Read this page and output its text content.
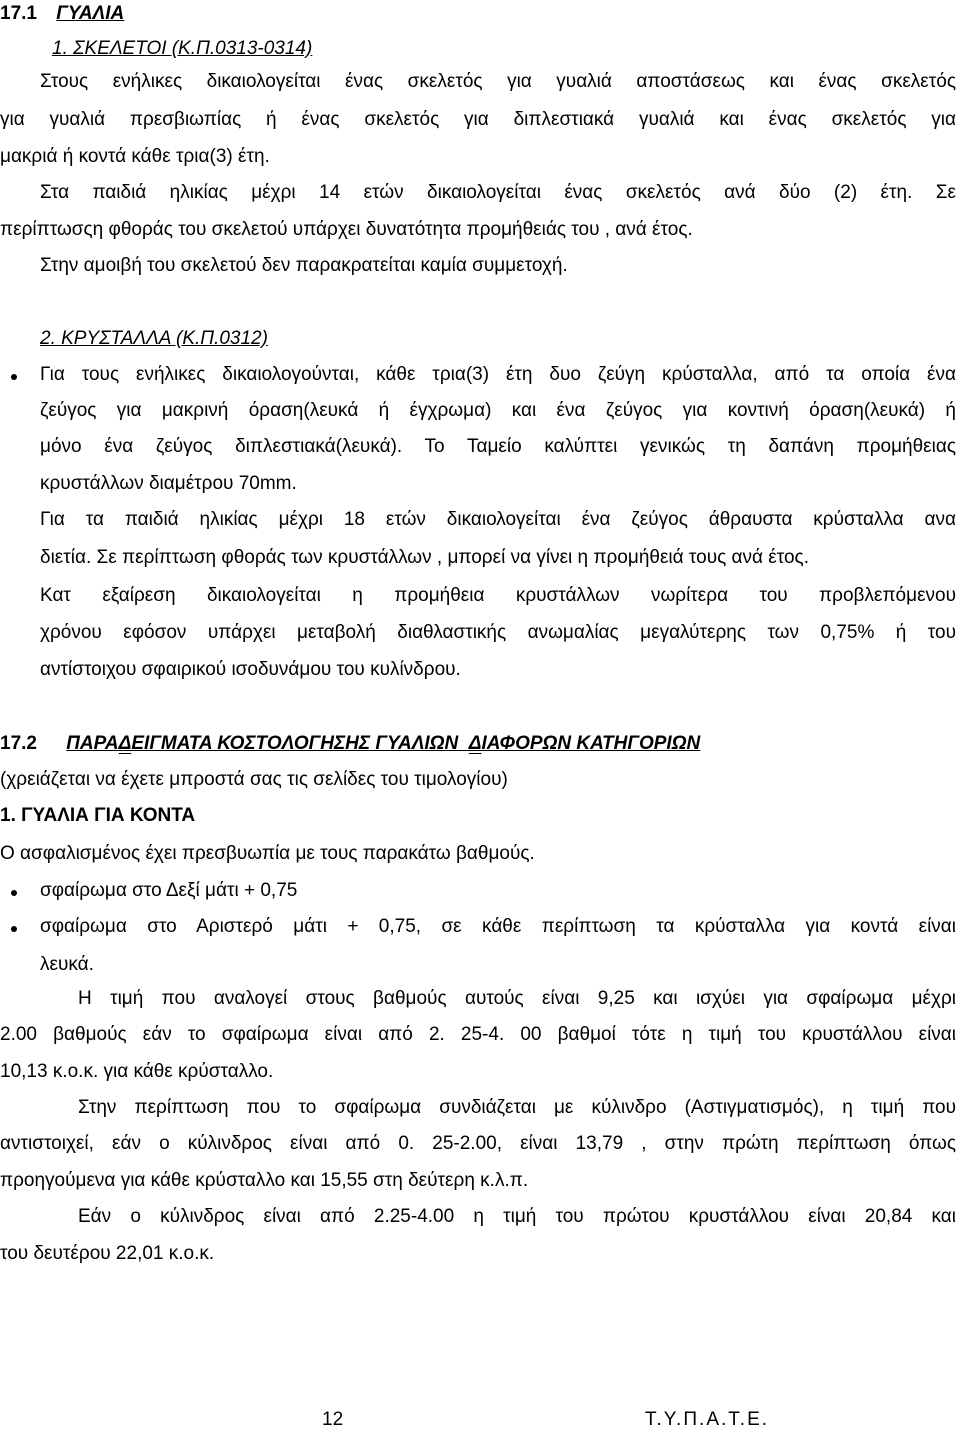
17.1 ΓΥΑΛΙΑ
1. ΣΚΕΛΕΤΟΙ (Κ.Π.0313-0314)
Στους ενήλικες δικαιολογείται ένας σκελετός για γυαλιά αποστάσεως και ένας σκελετός
για γυαλιά πρεσβιωπίας ή ένας σκελετός για διπλεστιακά γυαλιά και ένας σκελετός για
μακριά ή κοντά κάθε τρια(3) έτη.
Στα παιδιά ηλικίας μέχρι 14 ετών δικαιολογείται ένας σκελετός ανά δύο (2) έτη. Σε
περίπτωσςη φθοράς του σκελετού υπάρχει δυνατότητα προμήθειάς του , ανά έτος.
Στην αμοιβή του σκελετού δεν παρακρατείται καμία συμμετοχή.
2. ΚΡΥΣΤΑΛΛΑ (Κ.Π.0312)
Για τους ενήλικες δικαιολογούνται, κάθε τρια(3) έτη δυο ζεύγη κρύσταλλα, από τα οποία ένα
ζεύγος για μακρινή όραση(λευκά ή έγχρωμα) και ένα ζεύγος για κοντινή όραση(λευκά) ή
μόνο ένα ζεύγος διπλεστιακά(λευκά). Το Ταμείο καλύπτει γενικώς τη δαπάνη προμήθειας
κρυστάλλων διαμέτρου 70mm.
Για τα παιδιά ηλικίας μέχρι 18 ετών δικαιολογείται ένα ζεύγος άθραυστα κρύσταλλα ανα
διετία. Σε περίπτωση φθοράς των κρυστάλλων , μπορεί να γίνει η προμήθειά τους ανά έτος.
Κατ εξαίρεση δικαιολογείται η προμήθεια κρυστάλλων νωρίτερα του προβλεπόμενου
χρόνου εφόσον υπάρχει μεταβολή διαθλαστικής ανωμαλίας μεγαλύτερης των 0,75% ή του
αντίστοιχου σφαιρικού ισοδυνάμου του κυλίνδρου.
17.2 ΠΑΡΑΔΕΙΓΜΑΤΑ ΚΟΣΤΟΛΟΓΗΣΗΣ ΓΥΑΛΙΩΝ ΔΙΑΦΟΡΩΝ ΚΑΤΗΓΟΡΙΩΝ
(χρειάζεται να έχετε μπροστά σας τις σελίδες του τιμολογίου)
1. ΓΥΑΛΙΑ ΓΙΑ ΚΟΝΤΑ
Ο ασφαλισμένος έχει πρεσβυωπία με τους παρακάτω βαθμούς.
σφαίρωμα στο Δεξί μάτι + 0,75
σφαίρωμα στο Αριστερό μάτι + 0,75, σε κάθε περίπτωση τα κρύσταλλα για κοντά είναι
λευκά.
Η τιμή που αναλογεί στους βαθμούς αυτούς είναι 9,25 και ισχύει για σφαίρωμα μέχρι
2.00 βαθμούς εάν το σφαίρωμα είναι από 2. 25-4. 00 βαθμοί τότε η τιμή του κρυστάλλου είναι
10,13 κ.ο.κ. για κάθε κρύσταλλο.
Στην περίπτωση που το σφαίρωμα συνδιάζεται με κύλινδρο (Αστιγματισμός), η τιμή που
αντιστοιχεί, εάν ο κύλινδρος είναι από 0. 25-2.00, είναι 13,79 , στην πρώτη περίπτωση όπως
προηγούμενα για κάθε κρύσταλλο και 15,55 στη δεύτερη κ.λ.π.
Εάν ο κύλινδρος είναι από 2.25-4.00 η τιμή του πρώτου κρυστάλλου είναι 20,84 και
του δευτέρου 22,01 κ.ο.κ.
12	Τ.Υ.Π.Α.Τ.Ε.
